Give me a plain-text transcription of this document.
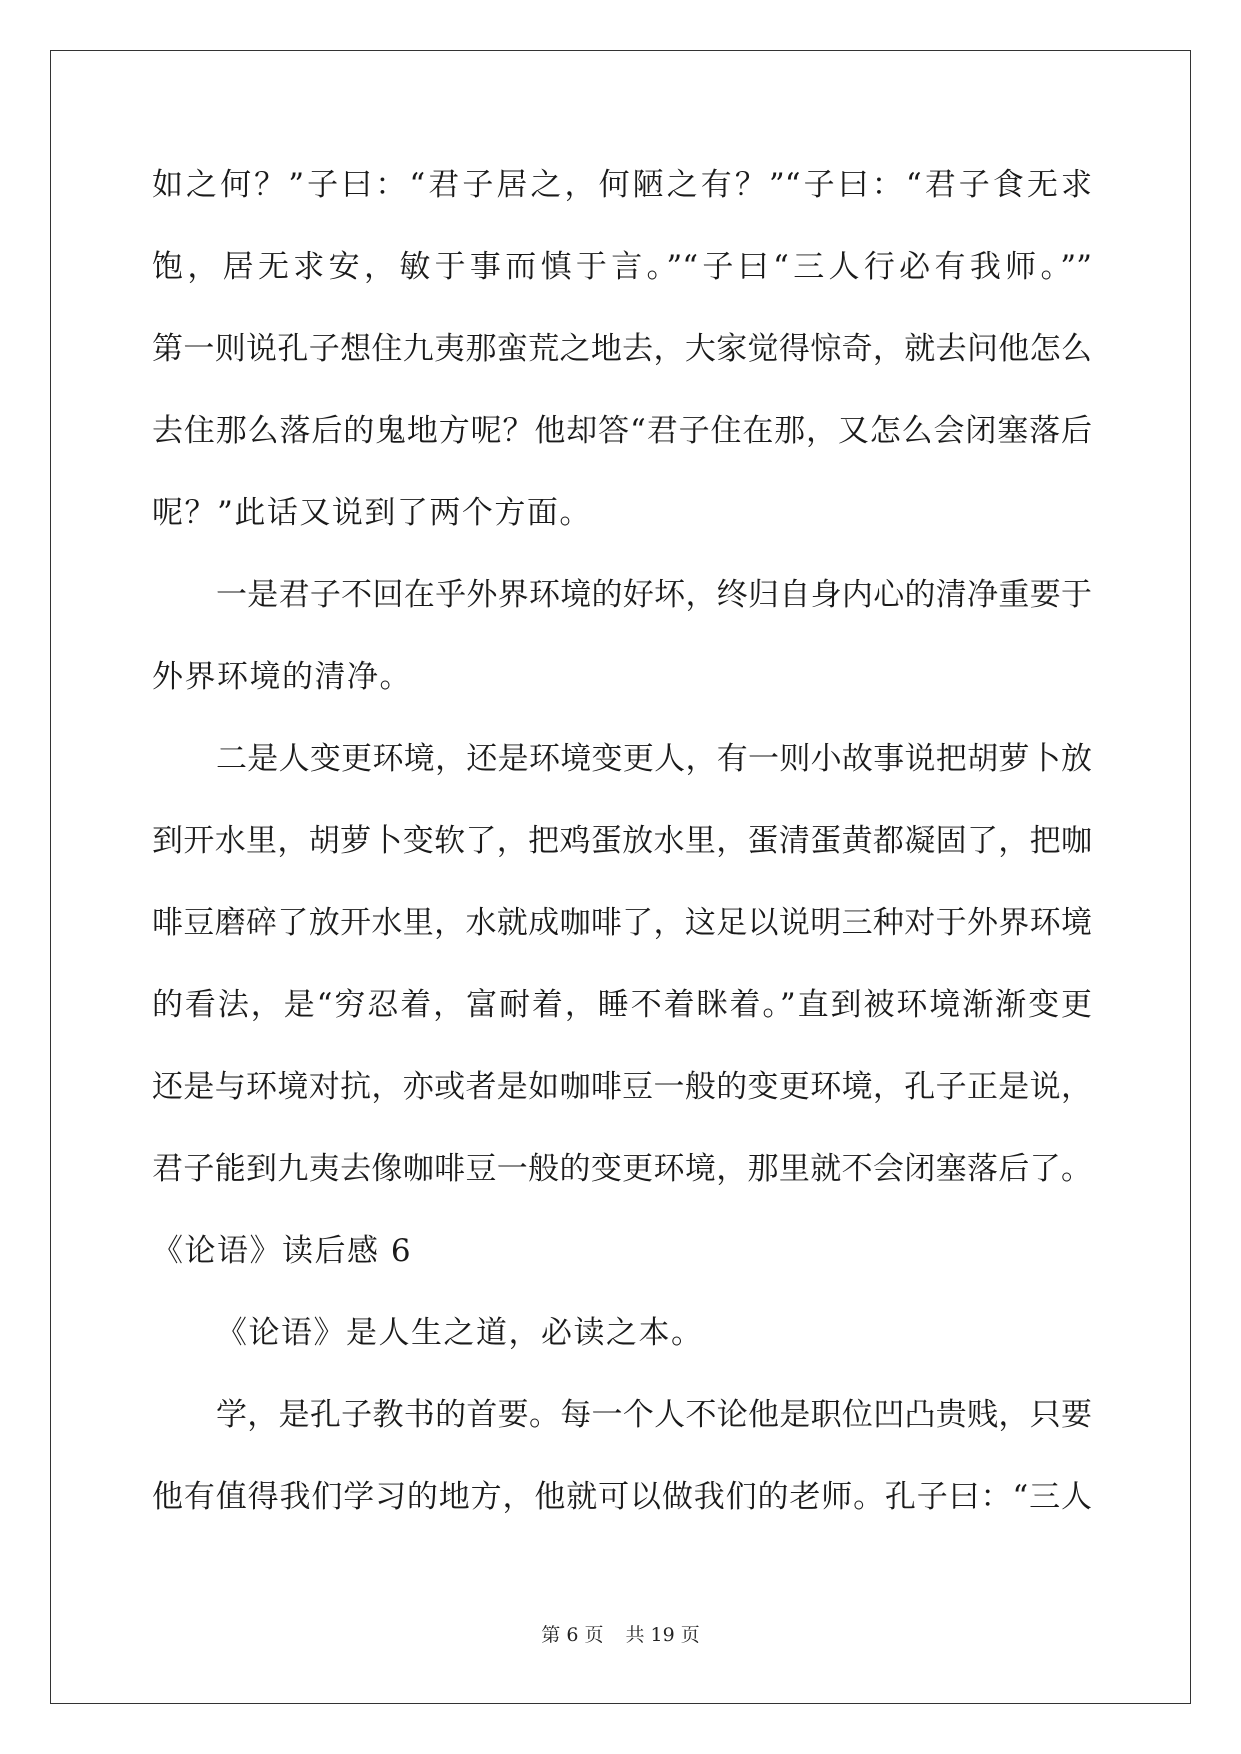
如之何？”子曰：“君子居之，何陋之有？”“子曰：“君子食无求
饱，居无求安，敏于事而慎于言。”“子曰“三人行必有我师。””
第一则说孔子想住九夷那蛮荒之地去，大家觉得惊奇，就去问他怎么
去住那么落后的鬼地方呢？他却答“君子住在那，又怎么会闭塞落后
呢？”此话又说到了两个方面。
一是君子不回在乎外界环境的好坏，终归自身内心的清净重要于
外界环境的清净。
二是人变更环境，还是环境变更人，有一则小故事说把胡萝卜放
到开水里，胡萝卜变软了，把鸡蛋放水里，蛋清蛋黄都凝固了，把咖
啡豆磨碎了放开水里，水就成咖啡了，这足以说明三种对于外界环境
的看法，是“穷忍着，富耐着，睡不着眯着。”直到被环境渐渐变更
还是与环境对抗，亦或者是如咖啡豆一般的变更环境，孔子正是说，
君子能到九夷去像咖啡豆一般的变更环境，那里就不会闭塞落后了。
《论语》读后感 6
《论语》是人生之道，必读之本。
学，是孔子教书的首要。每一个人不论他是职位凹凸贵贱，只要
他有值得我们学习的地方，他就可以做我们的老师。孔子曰：“三人
第 6 页 共 19 页
